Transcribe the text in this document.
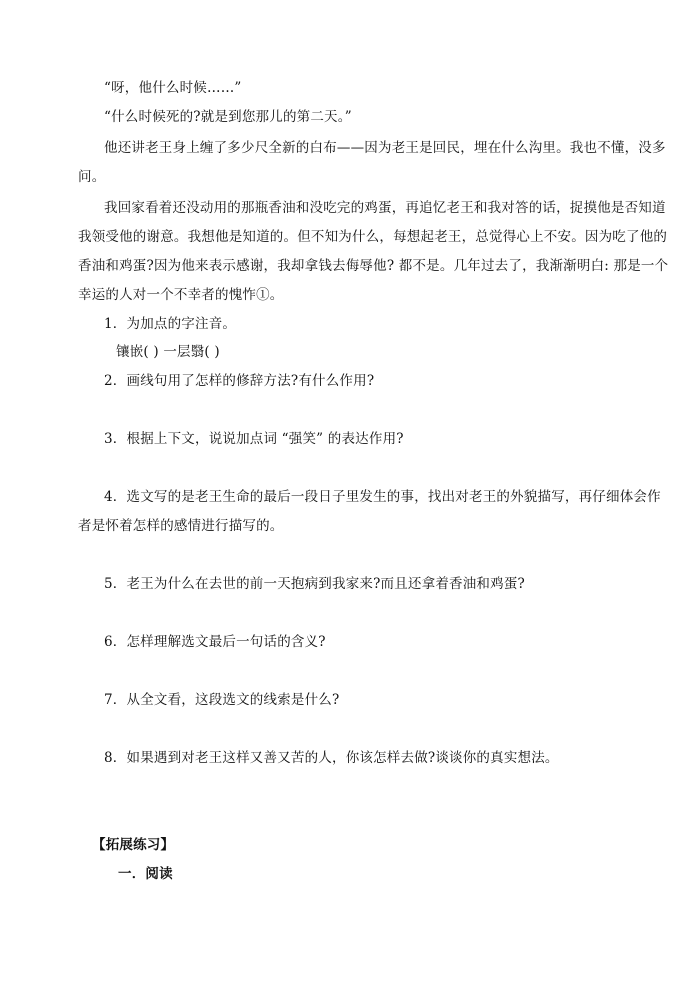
“呀，他什么时候……”
“什么时候死的?就是到您那儿的第二天。”
他还讲老王身上缠了多少尺全新的白布——因为老王是回民，埋在什么沟里。我也不懂，没多
问。
我回家看着还没动用的那瓶香油和没吃完的鸡蛋，再追忆老王和我对答的话，捉摸他是否知道
我领受他的谢意。我想他是知道的。但不知为什么，每想起老王，总觉得心上不安。因为吃了他的
香油和鸡蛋?因为他来表示感谢，我却拿钱去侮辱他? 都不是。几年过去了，我渐渐明白: 那是一个
幸运的人对一个不幸者的愧怍①。
1．为加点的字注音。
镶嵌( ) 一层翳( )
2．画线句用了怎样的修辞方法?有什么作用?
3．根据上下文，说说加点词 “强笑” 的表达作用?
4．选文写的是老王生命的最后一段日子里发生的事，找出对老王的外貌描写，再仔细体会作
者是怀着怎样的感情进行描写的。
5．老王为什么在去世的前一天抱病到我家来?而且还拿着香油和鸡蛋?
6．怎样理解选文最后一句话的含义?
7．从全文看，这段选文的线索是什么?
8．如果遇到对老王这样又善又苦的人，你该怎样去做?谈谈你的真实想法。
【拓展练习】
一．阅读
